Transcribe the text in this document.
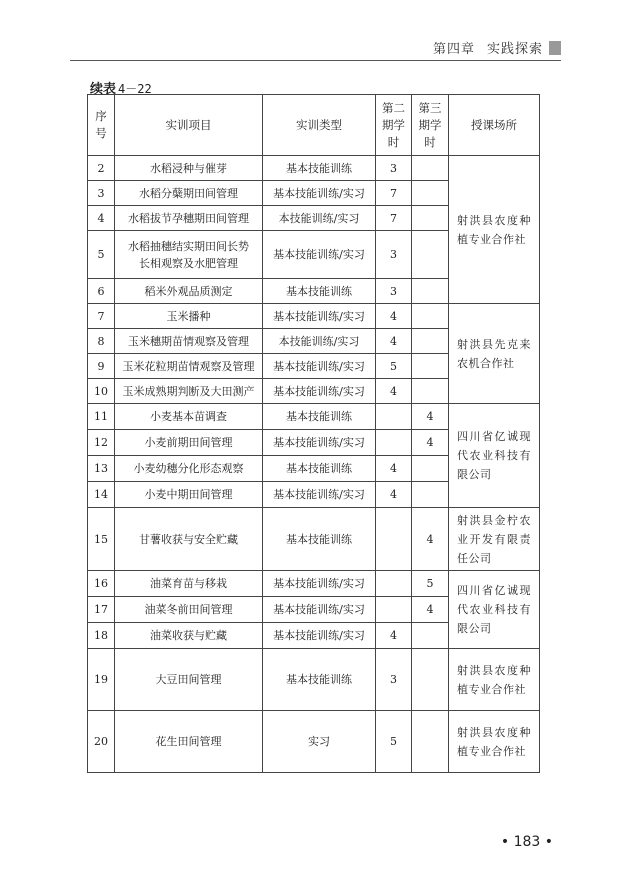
第四章 实践探索
续表 4－22
序号	实训项目	实训类型	第二期学时	第三期学时	授课场所
2	水稻浸种与催芽	基本技能训练	3		射洪县农度种植专业合作社
3	水稻分蘖期田间管理	基本技能训练/实习	7		
4	水稻拔节孕穗期田间管理	本技能训练/实习	7		
5	水稻抽穗结实期田间长势长相观察及水肥管理	基本技能训练/实习	3		
6	稻米外观品质测定	基本技能训练	3		
7	玉米播种	基本技能训练/实习	4		射洪县先克来农机合作社
8	玉米穗期苗情观察及管理	本技能训练/实习	4		
9	玉米花粒期苗情观察及管理	基本技能训练/实习	5		
10	玉米成熟期判断及大田测产	基本技能训练/实习	4		
11	小麦基本苗调查	基本技能训练		4	四川省亿诚现代农业科技有限公司
12	小麦前期田间管理	基本技能训练/实习		4	
13	小麦幼穗分化形态观察	基本技能训练	4		
14	小麦中期田间管理	基本技能训练/实习	4		
15	甘薯收获与安全贮藏	基本技能训练		4	射洪县金柠农业开发有限责任公司
16	油菜育苗与移栽	基本技能训练/实习		5	四川省亿诚现代农业科技有限公司
17	油菜冬前田间管理	基本技能训练/实习		4	
18	油菜收获与贮藏	基本技能训练/实习	4		
19	大豆田间管理	基本技能训练	3		射洪县农度种植专业合作社
20	花生田间管理	实习	5		射洪县农度种植专业合作社
• 183 •
